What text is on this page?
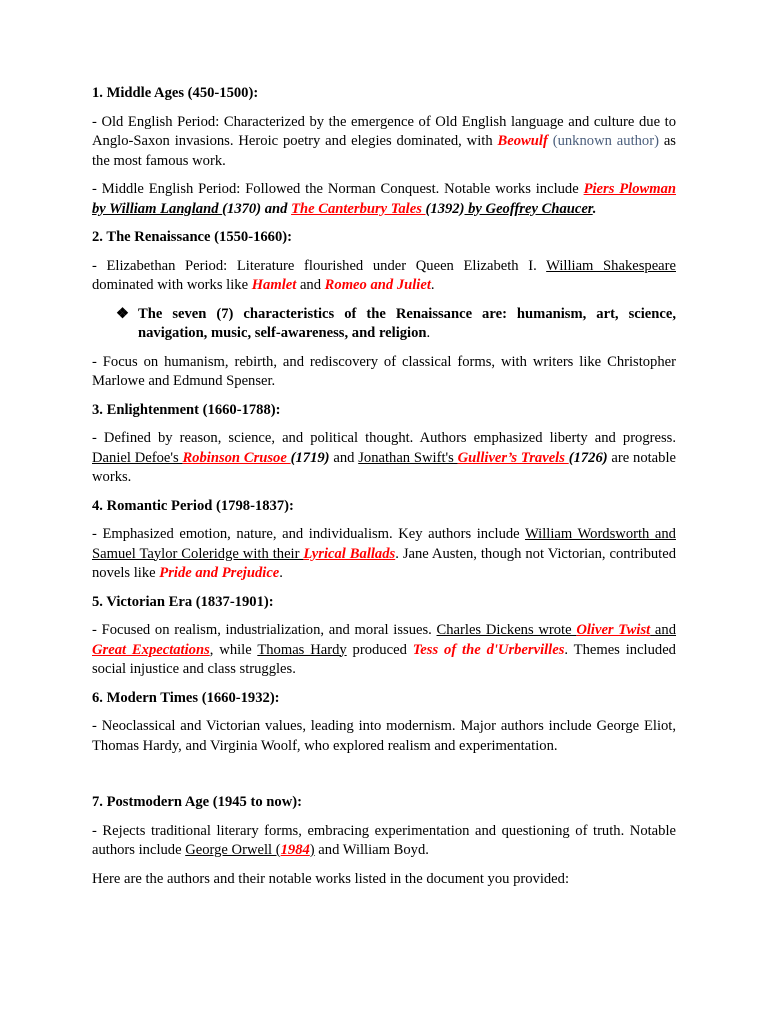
1. Middle Ages (450-1500):
- Old English Period: Characterized by the emergence of Old English language and culture due to Anglo-Saxon invasions. Heroic poetry and elegies dominated, with Beowulf (unknown author) as the most famous work.
- Middle English Period: Followed the Norman Conquest. Notable works include Piers Plowman by William Langland (1370) and The Canterbury Tales (1392) by Geoffrey Chaucer.
2. The Renaissance (1550-1660):
- Elizabethan Period: Literature flourished under Queen Elizabeth I. William Shakespeare dominated with works like Hamlet and Romeo and Juliet.
❖ The seven (7) characteristics of the Renaissance are: humanism, art, science, navigation, music, self-awareness, and religion.
- Focus on humanism, rebirth, and rediscovery of classical forms, with writers like Christopher Marlowe and Edmund Spenser.
3. Enlightenment (1660-1788):
- Defined by reason, science, and political thought. Authors emphasized liberty and progress. Daniel Defoe's Robinson Crusoe (1719) and Jonathan Swift's Gulliver’s Travels (1726) are notable works.
4. Romantic Period (1798-1837):
- Emphasized emotion, nature, and individualism. Key authors include William Wordsworth and Samuel Taylor Coleridge with their Lyrical Ballads. Jane Austen, though not Victorian, contributed novels like Pride and Prejudice.
5. Victorian Era (1837-1901):
- Focused on realism, industrialization, and moral issues. Charles Dickens wrote Oliver Twist and Great Expectations, while Thomas Hardy produced Tess of the d'Urbervilles. Themes included social injustice and class struggles.
6. Modern Times (1660-1932):
- Neoclassical and Victorian values, leading into modernism. Major authors include George Eliot, Thomas Hardy, and Virginia Woolf, who explored realism and experimentation.
7. Postmodern Age (1945 to now):
- Rejects traditional literary forms, embracing experimentation and questioning of truth. Notable authors include George Orwell (1984) and William Boyd.
Here are the authors and their notable works listed in the document you provided:
